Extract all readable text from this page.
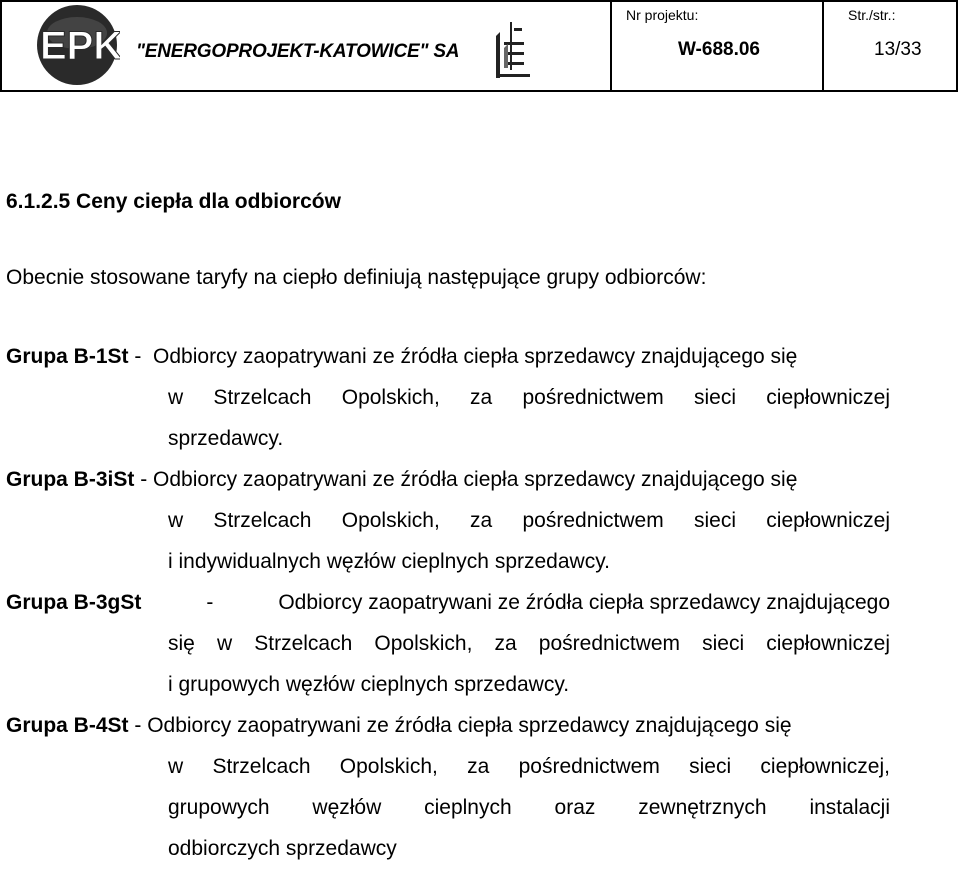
EPK "ENERGOPROJEKT-KATOWICE" SA
Nr projektu:
W-688.06
Str./str.:
13/33
6.1.2.5 Ceny ciepła dla odbiorców
Obecnie stosowane taryfy na ciepło definiują następujące grupy odbiorców:
Grupa B-1St
-
Odbiorcy zaopatrywani ze źródła ciepła sprzedawcy znajdującego się
w Strzelcach Opolskich, za pośrednictwem sieci ciepłowniczej
sprzedawcy.
Grupa B-3iSt
-
Odbiorcy zaopatrywani ze źródła ciepła sprzedawcy znajdującego się
w Strzelcach Opolskich, za pośrednictwem sieci ciepłowniczej
i indywidualnych węzłów cieplnych sprzedawcy.
Grupa B-3gSt	-	Odbiorcy zaopatrywani ze źródła ciepła sprzedawcy znajdującego
się w Strzelcach Opolskich, za pośrednictwem sieci ciepłowniczej
i grupowych węzłów cieplnych sprzedawcy.
Grupa B-4St
-
Odbiorcy zaopatrywani ze źródła ciepła sprzedawcy znajdującego się
w Strzelcach Opolskich, za pośrednictwem sieci ciepłowniczej,
grupowych węzłów cieplnych oraz zewnętrznych instalacji
odbiorczych sprzedawcy
